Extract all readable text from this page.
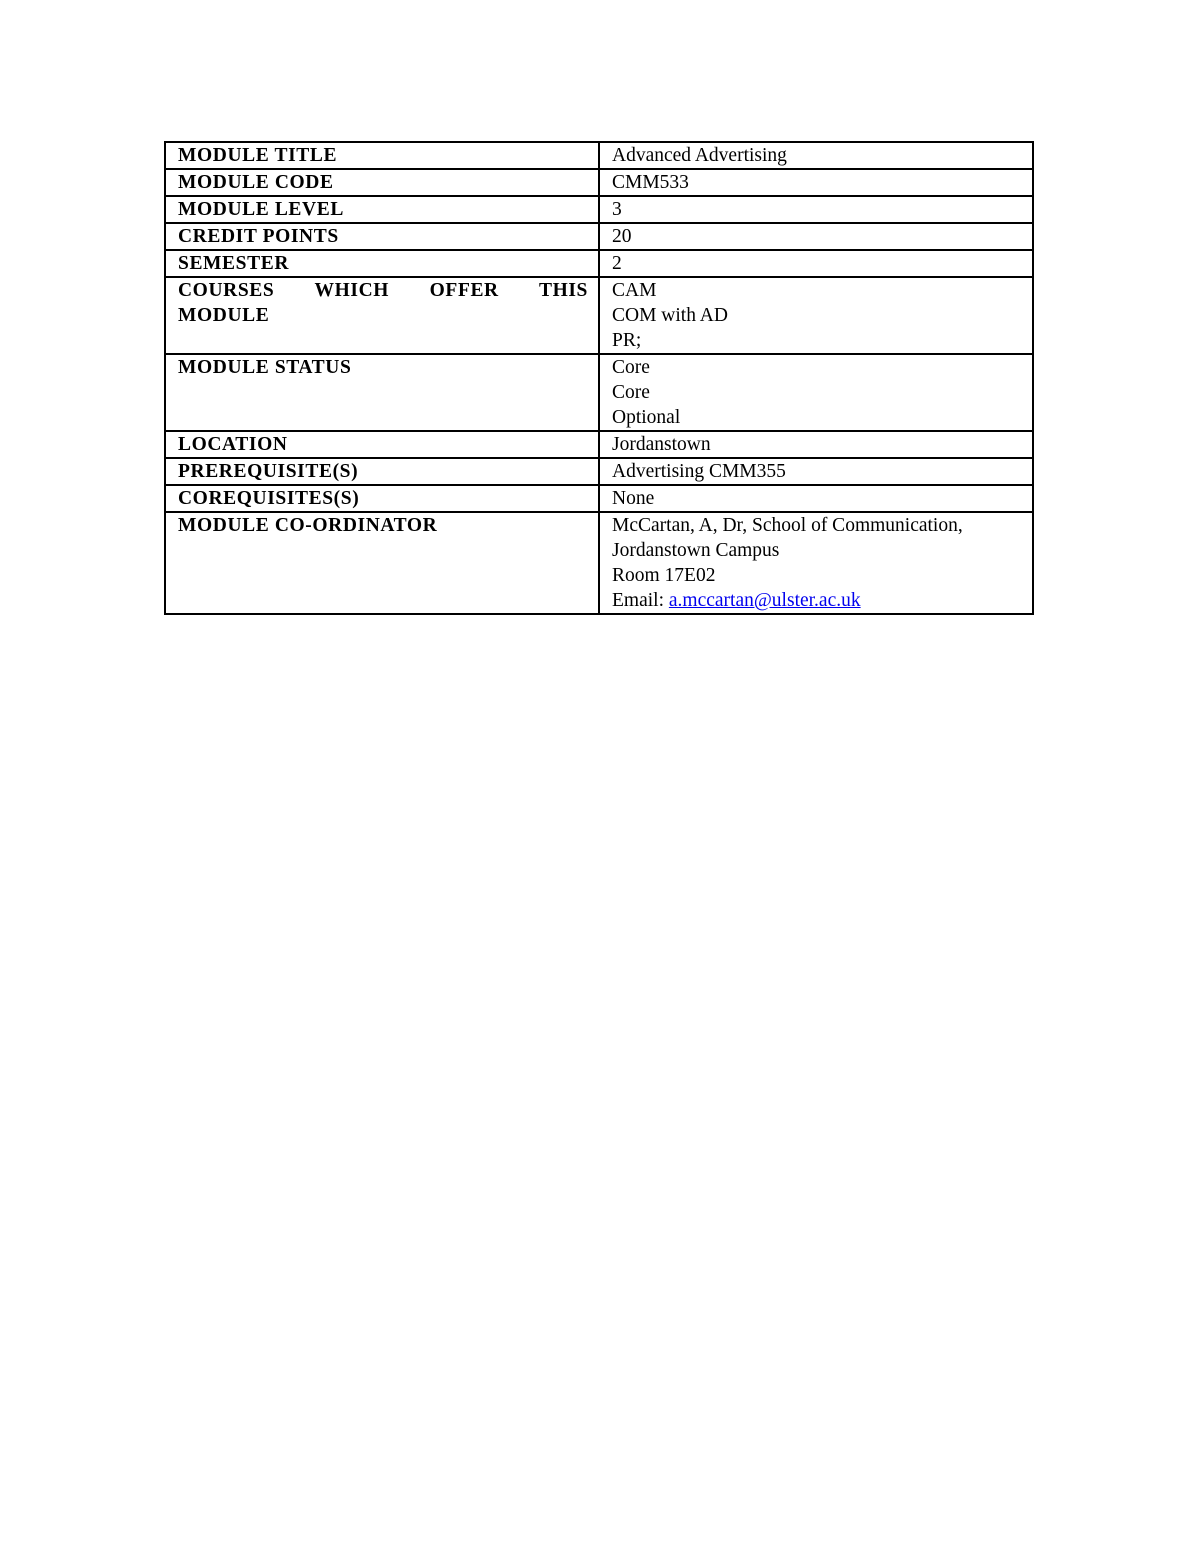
MODULE TITLE	Advanced Advertising
MODULE CODE	CMM533
MODULE LEVEL	3
CREDIT POINTS	20
SEMESTER	2

COURSES WHICH OFFER THIS
MODULE	CAM
COM with AD
PR;

MODULE STATUS	Core
Core
Optional

LOCATION	Jordanstown
PREREQUISITE(S)	Advertising CMM355
COREQUISITES(S)	None
MODULE CO-ORDINATOR	McCartan, A, Dr, School of Communication,
Jordanstown Campus
Room 17E02
Email: a.mccartan@ulster.ac.uk
